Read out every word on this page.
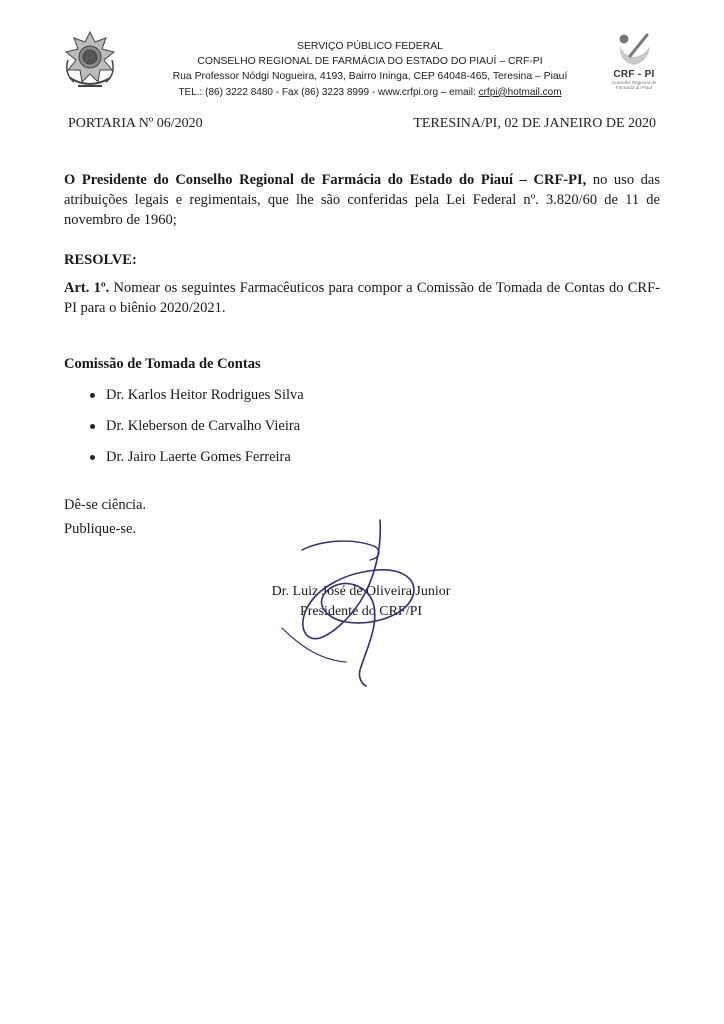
SERVIÇO PÚBLICO FEDERAL
CONSELHO REGIONAL DE FARMÁCIA DO ESTADO DO PIAUÍ – CRF-PI
Rua Professor Nódgi Nogueira, 4193, Bairro Ininga, CEP 64048-465, Teresina – Piauí
TEL.: (86) 3222 8480 - Fax (86) 3223 8999 - www.crfpi.org – email: crfpi@hotmail.com
CRF - PI
Conselho Regional de Farmácia do Piauí
PORTARIA Nº 06/2020	TERESINA/PI, 02 DE JANEIRO DE 2020
O Presidente do Conselho Regional de Farmácia do Estado do Piauí – CRF-PI, no uso das atribuições legais e regimentais, que lhe são conferidas pela Lei Federal nº. 3.820/60 de 11 de novembro de 1960;
RESOLVE:
Art. 1º. Nomear os seguintes Farmacêuticos para compor a Comissão de Tomada de Contas do CRF-PI para o biênio 2020/2021.
Comissão de Tomada de Contas
Dr. Karlos Heitor Rodrigues Silva
Dr. Kleberson de Carvalho Vieira
Dr. Jairo Laerte Gomes Ferreira
Dê-se ciência.
Publique-se.
Dr. Luiz José de Oliveira Junior
Presidente do CRF/PI
